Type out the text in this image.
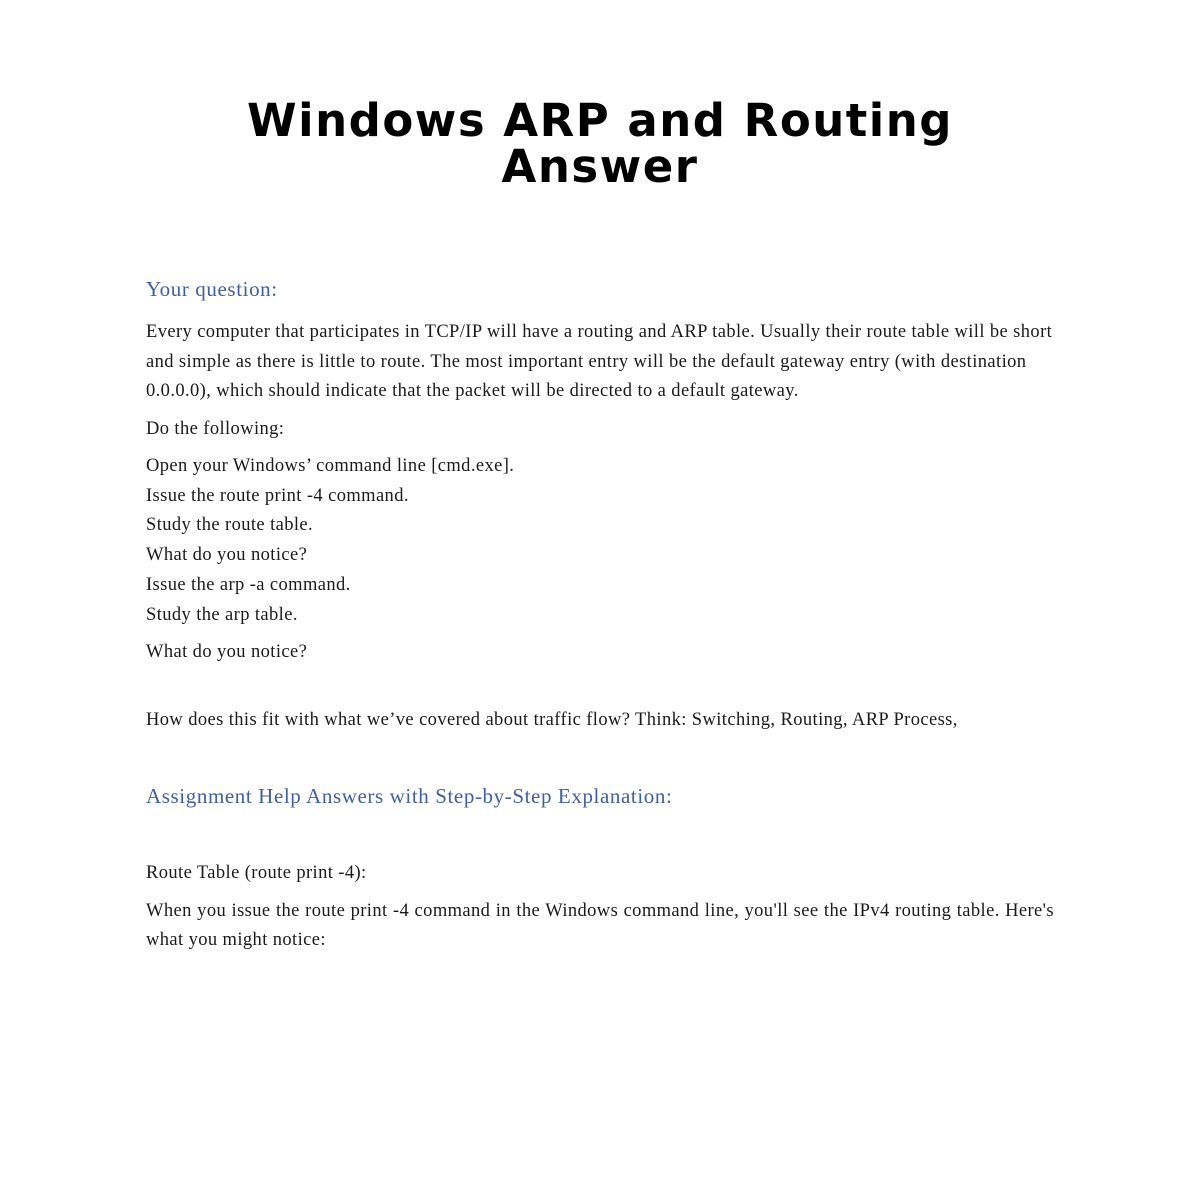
Windows ARP and Routing
Answer
Your question:

Every computer that participates in TCP/IP will have a routing and ARP table. Usually their route table will be short and simple as there is little to route. The most important entry will be the default gateway entry (with destination 0.0.0.0), which should indicate that the packet will be directed to a default gateway.

Do the following:

Open your Windows’ command line [cmd.exe].

Issue the route print -4 command.

Study the route table.

What do you notice?

Issue the arp -a command.

Study the arp table.

What do you notice?

How does this fit with what we’ve covered about traffic flow? Think: Switching, Routing, ARP Process,

Assignment Help Answers with Step-by-Step Explanation:

Route Table (route print -4):

When you issue the route print -4 command in the Windows command line, you'll see the IPv4 routing table. Here's what you might notice:
